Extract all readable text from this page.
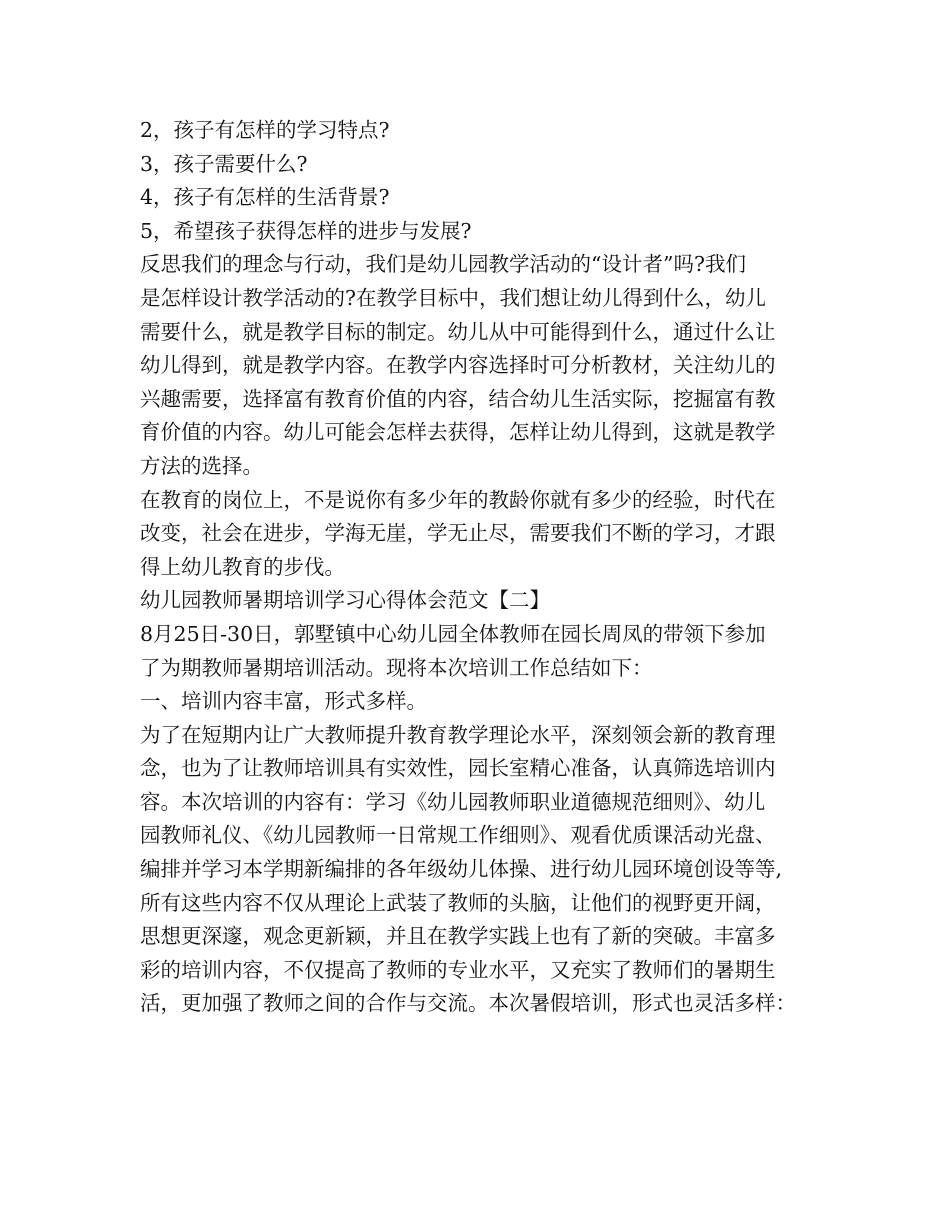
2，孩子有怎样的学习特点?
3，孩子需要什么?
4，孩子有怎样的生活背景?
5，希望孩子获得怎样的进步与发展?
反思我们的理念与行动，我们是幼儿园教学活动的“设计者”吗?我们
是怎样设计教学活动的?在教学目标中，我们想让幼儿得到什么，幼儿
需要什么，就是教学目标的制定。幼儿从中可能得到什么，通过什么让
幼儿得到，就是教学内容。在教学内容选择时可分析教材，关注幼儿的
兴趣需要，选择富有教育价值的内容，结合幼儿生活实际，挖掘富有教
育价值的内容。幼儿可能会怎样去获得，怎样让幼儿得到，这就是教学
方法的选择。
在教育的岗位上，不是说你有多少年的教龄你就有多少的经验，时代在
改变，社会在进步，学海无崖，学无止尽，需要我们不断的学习，才跟
得上幼儿教育的步伐。
幼儿园教师暑期培训学习心得体会范文【二】
8月25日-30日，郭墅镇中心幼儿园全体教师在园长周凤的带领下参加
了为期教师暑期培训活动。现将本次培训工作总结如下：
一、培训内容丰富，形式多样。
为了在短期内让广大教师提升教育教学理论水平，深刻领会新的教育理
念，也为了让教师培训具有实效性，园长室精心准备，认真筛选培训内
容。本次培训的内容有：学习《幼儿园教师职业道德规范细则》、幼儿
园教师礼仪、《幼儿园教师一日常规工作细则》、观看优质课活动光盘、
编排并学习本学期新编排的各年级幼儿体操、进行幼儿园环境创设等等,
所有这些内容不仅从理论上武装了教师的头脑，让他们的视野更开阔，
思想更深邃，观念更新颖，并且在教学实践上也有了新的突破。丰富多
彩的培训内容，不仅提高了教师的专业水平，又充实了教师们的暑期生
活，更加强了教师之间的合作与交流。本次暑假培训，形式也灵活多样：
